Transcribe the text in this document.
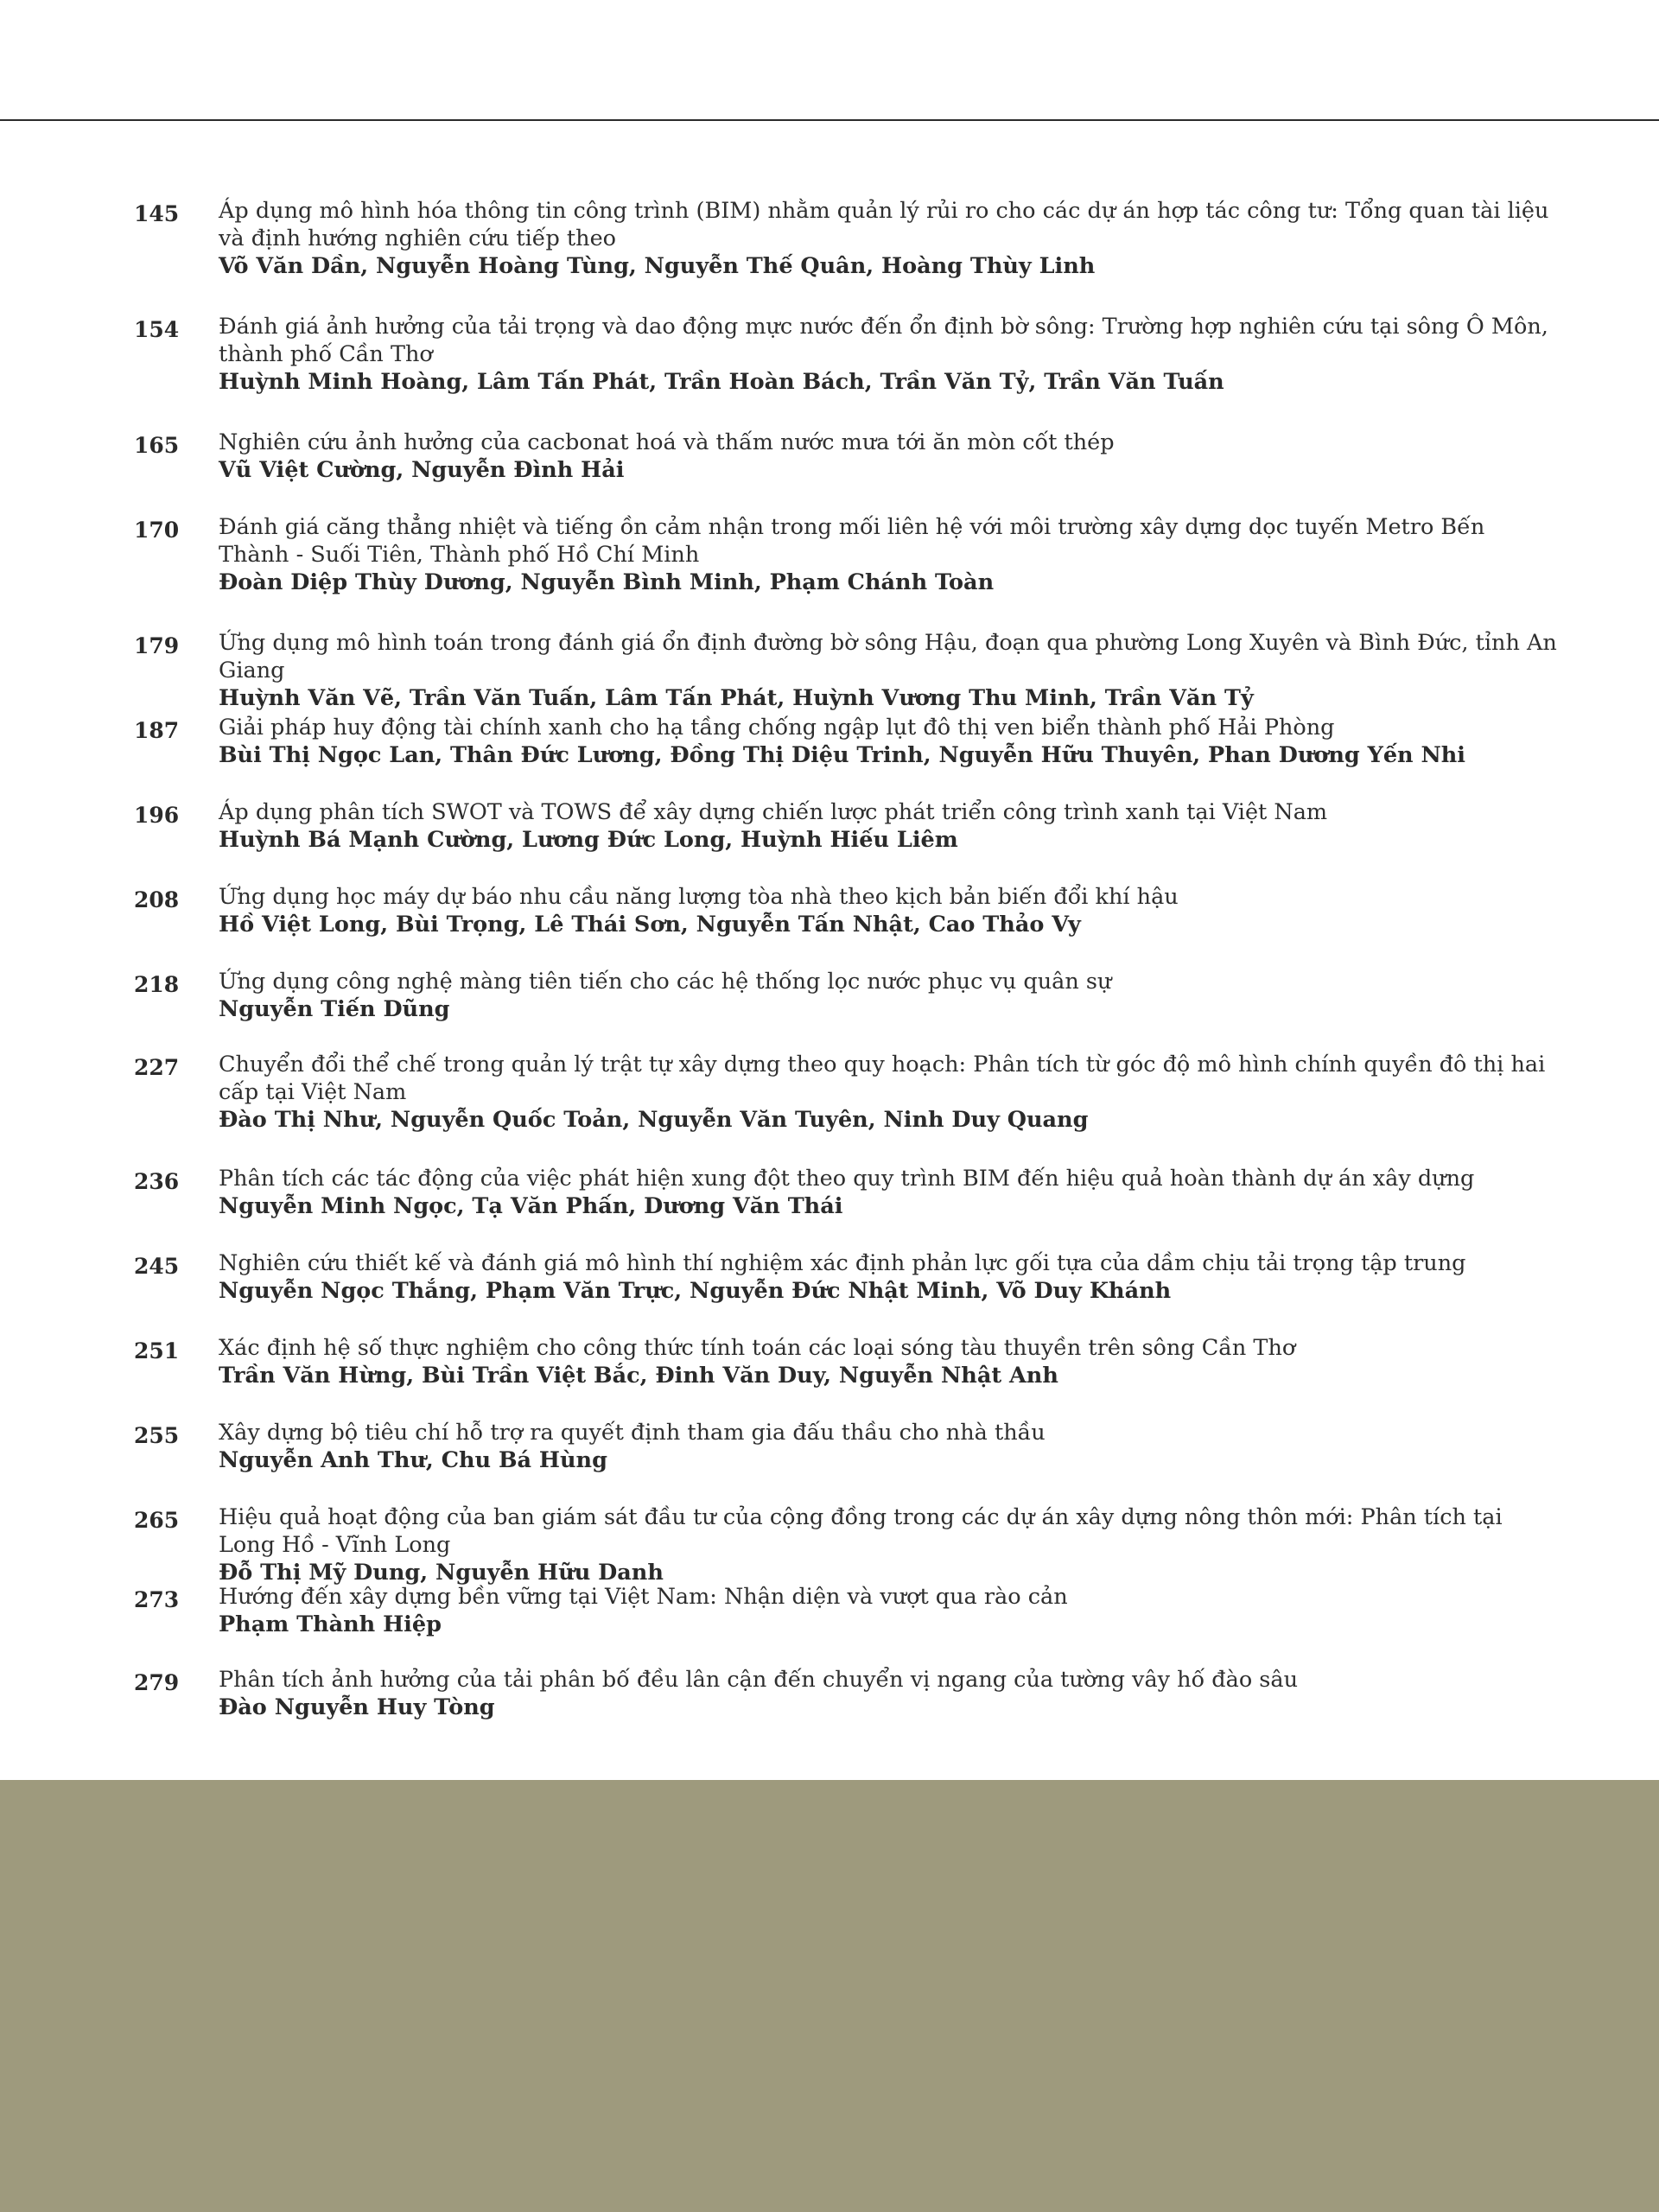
145	Áp dụng mô hình hóa thông tin công trình (BIM) nhằm quản lý rủi ro cho các dự án hợp tác công tư: Tổng quan tài liệu và định hướng nghiên cứu tiếp theo
Võ Văn Dần, Nguyễn Hoàng Tùng, Nguyễn Thế Quân, Hoàng Thùy Linh
154	Đánh giá ảnh hưởng của tải trọng và dao động mực nước đến ổn định bờ sông: Trường hợp nghiên cứu tại sông Ô Môn, thành phố Cần Thơ
Huỳnh Minh Hoàng, Lâm Tấn Phát, Trần Hoàn Bách, Trần Văn Tỷ, Trần Văn Tuấn
165	Nghiên cứu ảnh hưởng của cacbonat hoá và thấm nước mưa tới ăn mòn cốt thép
Vũ Việt Cường, Nguyễn Đình Hải
170	Đánh giá căng thẳng nhiệt và tiếng ồn cảm nhận trong mối liên hệ với môi trường xây dựng dọc tuyến Metro Bến Thành - Suối Tiên, Thành phố Hồ Chí Minh
Đoàn Diệp Thùy Dương, Nguyễn Bình Minh, Phạm Chánh Toàn
179	Ứng dụng mô hình toán trong đánh giá ổn định đường bờ sông Hậu, đoạn qua phường Long Xuyên và Bình Đức, tỉnh An Giang
Huỳnh Văn Vẽ, Trần Văn Tuấn, Lâm Tấn Phát, Huỳnh Vương Thu Minh, Trần Văn Tỷ
187	Giải pháp huy động tài chính xanh cho hạ tầng chống ngập lụt đô thị ven biển thành phố Hải Phòng
Bùi Thị Ngọc Lan, Thân Đức Lương, Đồng Thị Diệu Trinh, Nguyễn Hữu Thuyên, Phan Dương Yến Nhi
196	Áp dụng phân tích SWOT và TOWS để xây dựng chiến lược phát triển công trình xanh tại Việt Nam
Huỳnh Bá Mạnh Cường, Lương Đức Long, Huỳnh Hiếu Liêm
208	Ứng dụng học máy dự báo nhu cầu năng lượng tòa nhà theo kịch bản biến đổi khí hậu
Hồ Việt Long, Bùi Trọng, Lê Thái Sơn, Nguyễn Tấn Nhật, Cao Thảo Vy
218	Ứng dụng công nghệ màng tiên tiến cho các hệ thống lọc nước phục vụ quân sự
Nguyễn Tiến Dũng
227	Chuyển đổi thể chế trong quản lý trật tự xây dựng theo quy hoạch: Phân tích từ góc độ mô hình chính quyền đô thị hai cấp tại Việt Nam
Đào Thị Như, Nguyễn Quốc Toản, Nguyễn Văn Tuyên, Ninh Duy Quang
236	Phân tích các tác động của việc phát hiện xung đột theo quy trình BIM đến hiệu quả hoàn thành dự án xây dựng
Nguyễn Minh Ngọc, Tạ Văn Phấn, Dương Văn Thái
245	Nghiên cứu thiết kế và đánh giá mô hình thí nghiệm xác định phản lực gối tựa của dầm chịu tải trọng tập trung
Nguyễn Ngọc Thắng, Phạm Văn Trực, Nguyễn Đức Nhật Minh, Võ Duy Khánh
251	Xác định hệ số thực nghiệm cho công thức tính toán các loại sóng tàu thuyền trên sông Cần Thơ
Trần Văn Hừng, Bùi Trần Việt Bắc, Đinh Văn Duy, Nguyễn Nhật Anh
255	Xây dựng bộ tiêu chí hỗ trợ ra quyết định tham gia đấu thầu cho nhà thầu
Nguyễn Anh Thư, Chu Bá Hùng
265	Hiệu quả hoạt động của ban giám sát đầu tư của cộng đồng trong các dự án xây dựng nông thôn mới: Phân tích tại Long Hồ - Vĩnh Long
Đỗ Thị Mỹ Dung, Nguyễn Hữu Danh
273	Hướng đến xây dựng bền vững tại Việt Nam: Nhận diện và vượt qua rào cản
Phạm Thành Hiệp
279	Phân tích ảnh hưởng của tải phân bố đều lân cận đến chuyển vị ngang của tường vây hố đào sâu
Đào Nguyễn Huy Tòng
